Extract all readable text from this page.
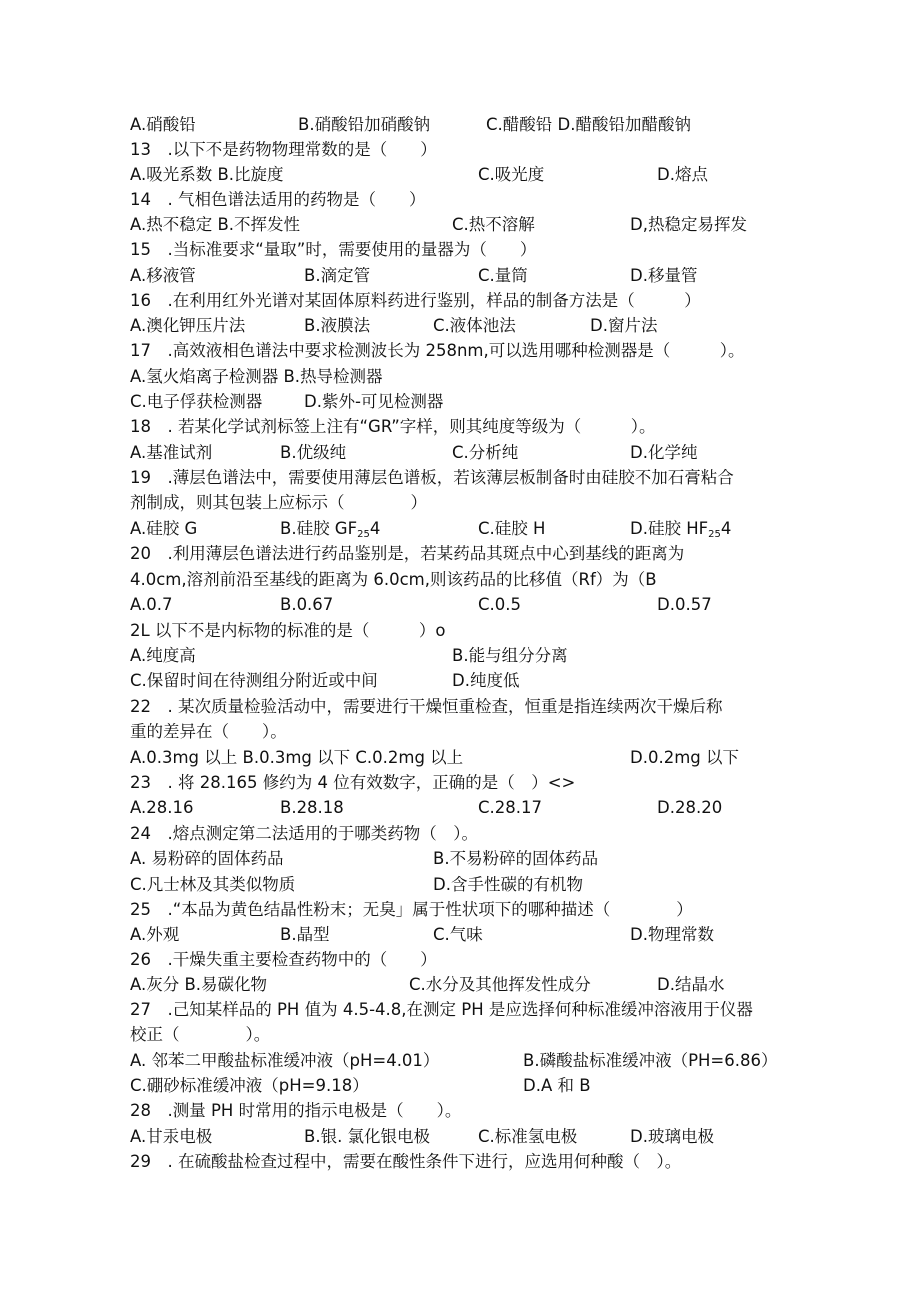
A.硝酸铅	B.硝酸铅加硝酸钠	C.醋酸铅 D.醋酸铅加醋酸钠
13　.以下不是药物物理常数的是（　　）
A.吸光系数 B.比旋度	C.吸光度	D.熔点
14　. 气相色谱法适用的药物是（　　）
A.热不稳定 B.不挥发性	C.热不溶解	D,热稳定易挥发
15　.当标准要求“量取”时，需要使用的量器为（　　）
A.移液管	B.滴定管	C.量筒	D.移量管
16　.在利用红外光谱对某固体原料药进行鉴别，样品的制备方法是（　　　）
A.澳化钾压片法	B.液膜法	C.液体池法	D.窗片法
17　.高效液相色谱法中要求检测波长为 258nm,可以选用哪种检测器是（　　　）。
A.氢火焰离子检测器 B.热导检测器
C.电子俘获检测器	D.紫外-可见检测器
18　. 若某化学试剂标签上注有“GR”字样，则其纯度等级为（　　　）。
A.基准试剂	B.优级纯	C.分析纯	D.化学纯
19　.薄层色谱法中，需要使用薄层色谱板，若该薄层板制备时由硅胶不加石膏粘合
剂制成，则其包装上应标示（　　　　）
A.硅胶 G	B.硅胶 $GF_{25}4$	C.硅胶 H	D.硅胶 $HF_{25}4$
20　.利用薄层色谱法进行药品鉴别是，若某药品其斑点中心到基线的距离为
4.0cm,溶剂前沿至基线的距离为 6.0cm,则该药品的比移值（Rf）为（B
A.0.7	B.0.67	C.0.5	D.0.57
2L 以下不是内标物的标准的是（　　　）o
A.纯度高	B.能与组分分离
C.保留时间在待测组分附近或中间	D.纯度低
22　. 某次质量检验活动中，需要进行干燥恒重检查，恒重是指连续两次干燥后称
重的差异在（　　）。
A.0.3mg 以上 B.0.3mg 以下 C.0.2mg 以上	D.0.2mg 以下
23　. 将 28.165 修约为 4 位有效数字，正确的是（　）<>
A.28.16	B.28.18	C.28.17	D.28.20
24　.熔点测定第二法适用的于哪类药物（　）。
A. 易粉碎的固体药品	B.不易粉碎的固体药品
C.凡士林及其类似物质	D.含手性碳的有机物
25　.“本品为黄色结晶性粉末；无臭」属于性状项下的哪种描述（　　　　）
A.外观	B.晶型	C.气味	D.物理常数
26　.干燥失重主要检查药物中的（　　）
A.灰分 B.易碳化物	C.水分及其他挥发性成分	D.结晶水
27　.己知某样品的 PH 值为 4.5-4.8,在测定 PH 是应选择何种标准缓冲溶液用于仪器
校正（　　　　）。
A. 邻苯二甲酸盐标准缓冲液（pH=4.01）	B.磷酸盐标准缓冲液（PH=6.86）
C.硼砂标准缓冲液（pH=9.18）	D.A 和 B
28　.测量 PH 时常用的指示电极是（　　）。
A.甘汞电极	B.银. 氯化银电极	C.标准氢电极	D.玻璃电极
29　. 在硫酸盐检查过程中，需要在酸性条件下进行，应选用何种酸（　）。
